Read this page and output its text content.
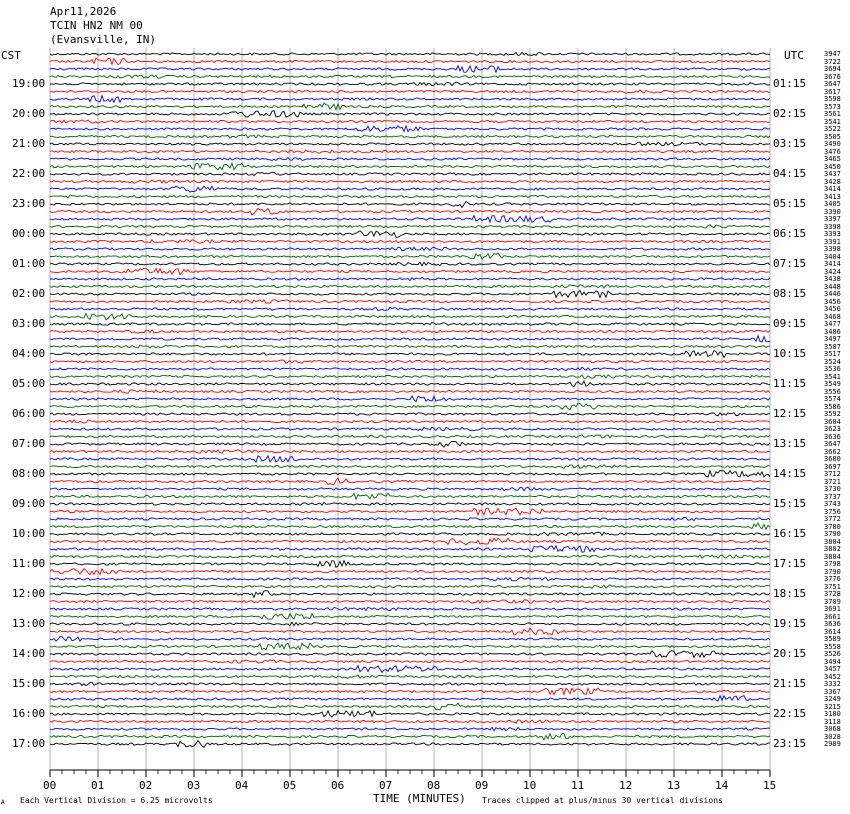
Apr11,2026
TCIN HN2 NM 00
(Evansville, IN)
CST	UTC
19:00
20:00
21:00
22:00
23:00
00:00
01:00
02:00
03:00
04:00
05:00
06:00
07:00
08:00
09:00
10:00
11:00
12:00
13:00
14:00
15:00
16:00
17:00
01:15
02:15
03:15
04:15
05:15
06:15
07:15
08:15
09:15
10:15
11:15
12:15
13:15
14:15
15:15
16:15
17:15
18:15
19:15
20:15
21:15
22:15
23:15
3947
3722
3694
3676
3647
3617
3598
3573
3561
3541
3522
3505
3490
3476
3465
3450
3437
3428
3414
3413
3405
3390
3397
3398
3393
3391
3398
3404
3414
3424
3438
3448
3446
3456
3456
3468
3477
3486
3497
3507
3517
3524
3536
3541
3549
3556
3574
3586
3592
3604
3623
3636
3647
3662
3680
3697
3712
3721
3730
3737
3743
3756
3772
3780
3790
3804
3802
3804
3798
3790
3776
3751
3728
3709
3691
3661
3636
3614
3589
3558
3526
3494
3457
3452
3332
3367
3249
3215
3180
3118
3068
3028
2989
00	01	02	03	04	05	06	07	08	09	10	11	12	13	14	15
A Each Vertical Division = 6.25 microvolts	TIME (MINUTES) Traces clipped at plus/minus 30 vertical divisions
